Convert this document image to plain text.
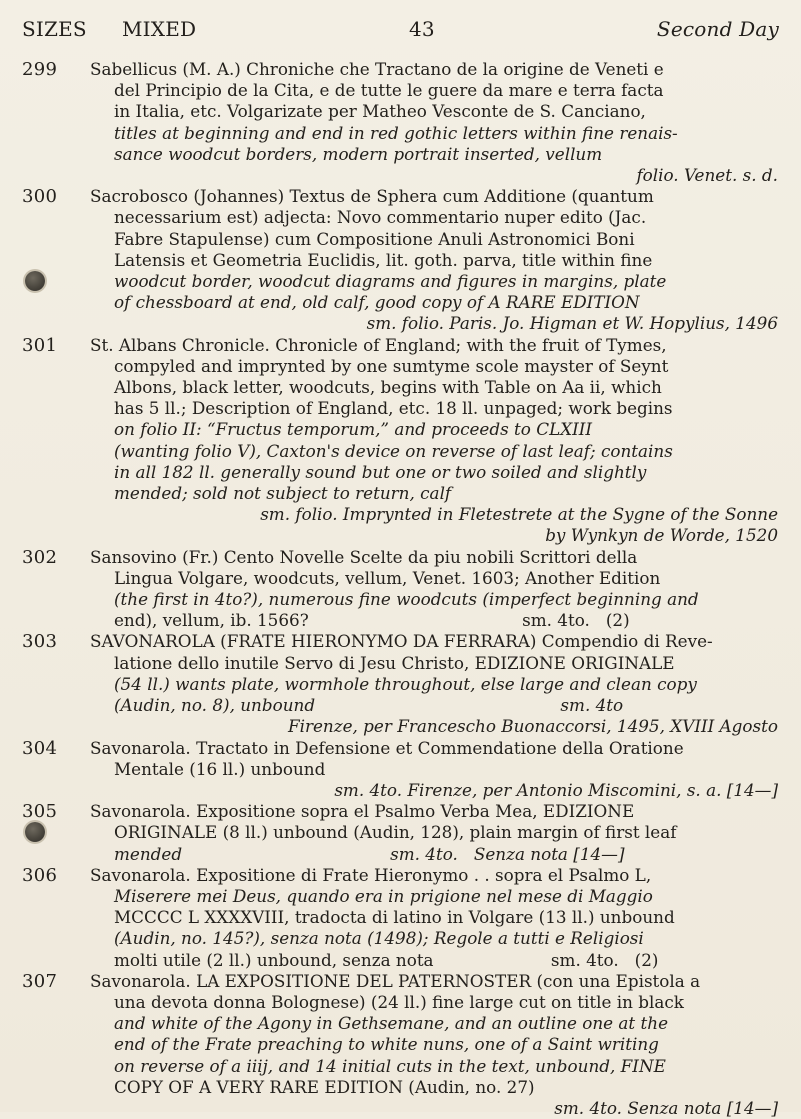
SIZES MIXED	43	Second Day
299 Sabellicus (M. A.) Chroniche che Tractano de la origine de Veneti e
del Principio de la Cita, e de tutte le guere da mare e terra facta
in Italia, etc. Volgarizate per Matheo Vesconte de S. Canciano,
titles at beginning and end in red gothic letters within fine renais-
sance woodcut borders, modern portrait inserted, vellum
folio. Venet. s. d.
300 Sacrobosco (Johannes) Textus de Sphera cum Additione (quantum
necessarium est) adjecta: Novo commentario nuper edito (Jac.
Fabre Stapulense) cum Compositione Anuli Astronomici Boni
Latensis et Geometria Euclidis, lit. goth. parva, title within fine
woodcut border, woodcut diagrams and figures in margins, plate
of chessboard at end, old calf, good copy of A RARE EDITION
sm. folio. Paris. Jo. Higman et W. Hopylius, 1496
301 St. Albans Chronicle. Chronicle of England; with the fruit of Tymes,
compyled and imprynted by one sumtyme scole mayster of Seynt
Albons, black letter, woodcuts, begins with Table on Aa ii, which
has 5 ll.; Description of England, etc. 18 ll. unpaged; work begins
on folio II: “Fructus temporum,” and proceeds to CLXIII
(wanting folio V), Caxton's device on reverse of last leaf; contains
in all 182 ll. generally sound but one or two soiled and slightly
mended; sold not subject to return, calf
sm. folio. Imprynted in Fletestrete at the Sygne of the Sonne
by Wynkyn de Worde, 1520
302 Sansovino (Fr.) Cento Novelle Scelte da piu nobili Scrittori della
Lingua Volgare, woodcuts, vellum, Venet. 1603; Another Edition
(the first in 4to?), numerous fine woodcuts (imperfect beginning and
end), vellum, ib. 1566?                                        sm. 4to.   (2)
303 SAVONAROLA (FRATE HIERONYMO DA FERRARA) Compendio di Reve-
latione dello inutile Servo di Jesu Christo, EDIZIONE ORIGINALE
(54 ll.) wants plate, wormhole throughout, else large and clean copy
(Audin, no. 8), unbound                                              sm. 4to
Firenze, per Francescho Buonaccorsi, 1495, XVIII Agosto
304 Savonarola. Tractato in Defensione et Commendatione della Oratione
Mentale (16 ll.) unbound
sm. 4to. Firenze, per Antonio Miscomini, s. a. [14—]
305 Savonarola. Expositione sopra el Psalmo Verba Mea, EDIZIONE
ORIGINALE (8 ll.) unbound (Audin, 128), plain margin of first leaf
mended                                       sm. 4to.   Senza nota [14—]
306 Savonarola. Expositione di Frate Hieronymo . . sopra el Psalmo L,
Miserere mei Deus, quando era in prigione nel mese di Maggio
MCCCC L XXXXVIII, tradocta di latino in Volgare (13 ll.) unbound
(Audin, no. 145?), senza nota (1498); Regole a tutti e Religiosi
molti utile (2 ll.) unbound, senza nota                      sm. 4to.   (2)
307 Savonarola. LA EXPOSITIONE DEL PATERNOSTER (con una Epistola a
una devota donna Bolognese) (24 ll.) fine large cut on title in black
and white of the Agony in Gethsemane, and an outline one at the
end of the Frate preaching to white nuns, one of a Saint writing
on reverse of a iiij, and 14 initial cuts in the text, unbound, FINE
COPY OF A VERY RARE EDITION (Audin, no. 27)
sm. 4to. Senza nota [14—]
